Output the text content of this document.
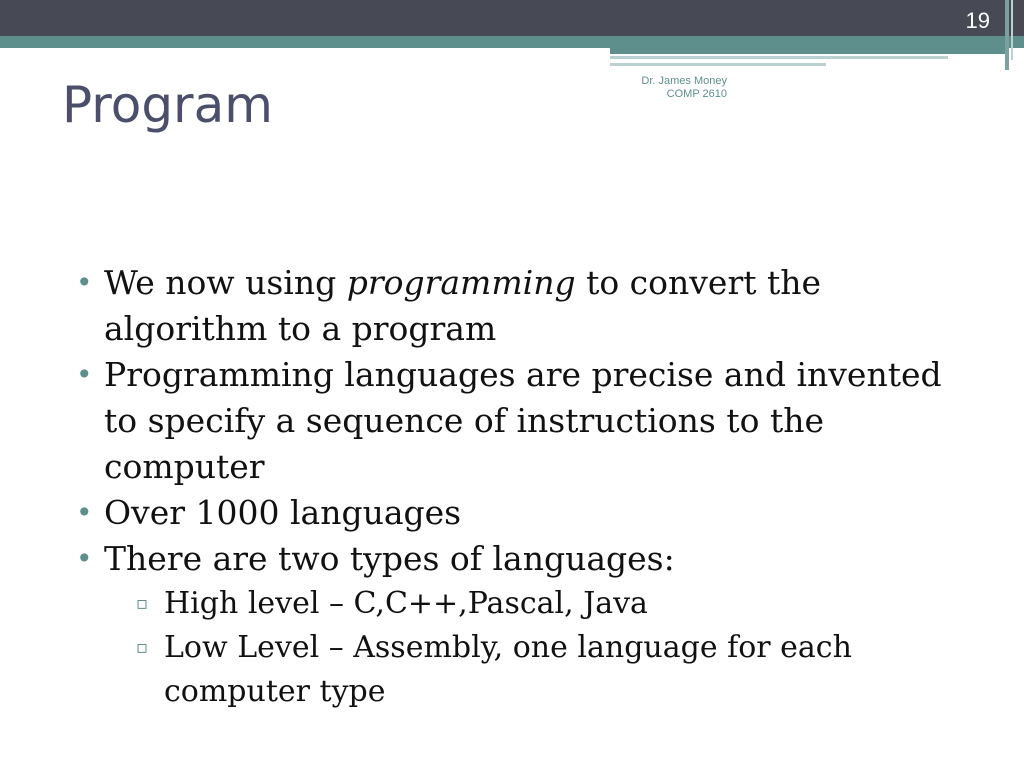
19
Program	Dr. James Money
COMP 2610
• We now using programming to convert the algorithm to a program
• Programming languages are precise and invented to specify a sequence of instructions to the computer
• Over 1000 languages
• There are two types of languages:
▫ High level – C,C++,Pascal, Java
▫ Low Level – Assembly, one language for each computer type
